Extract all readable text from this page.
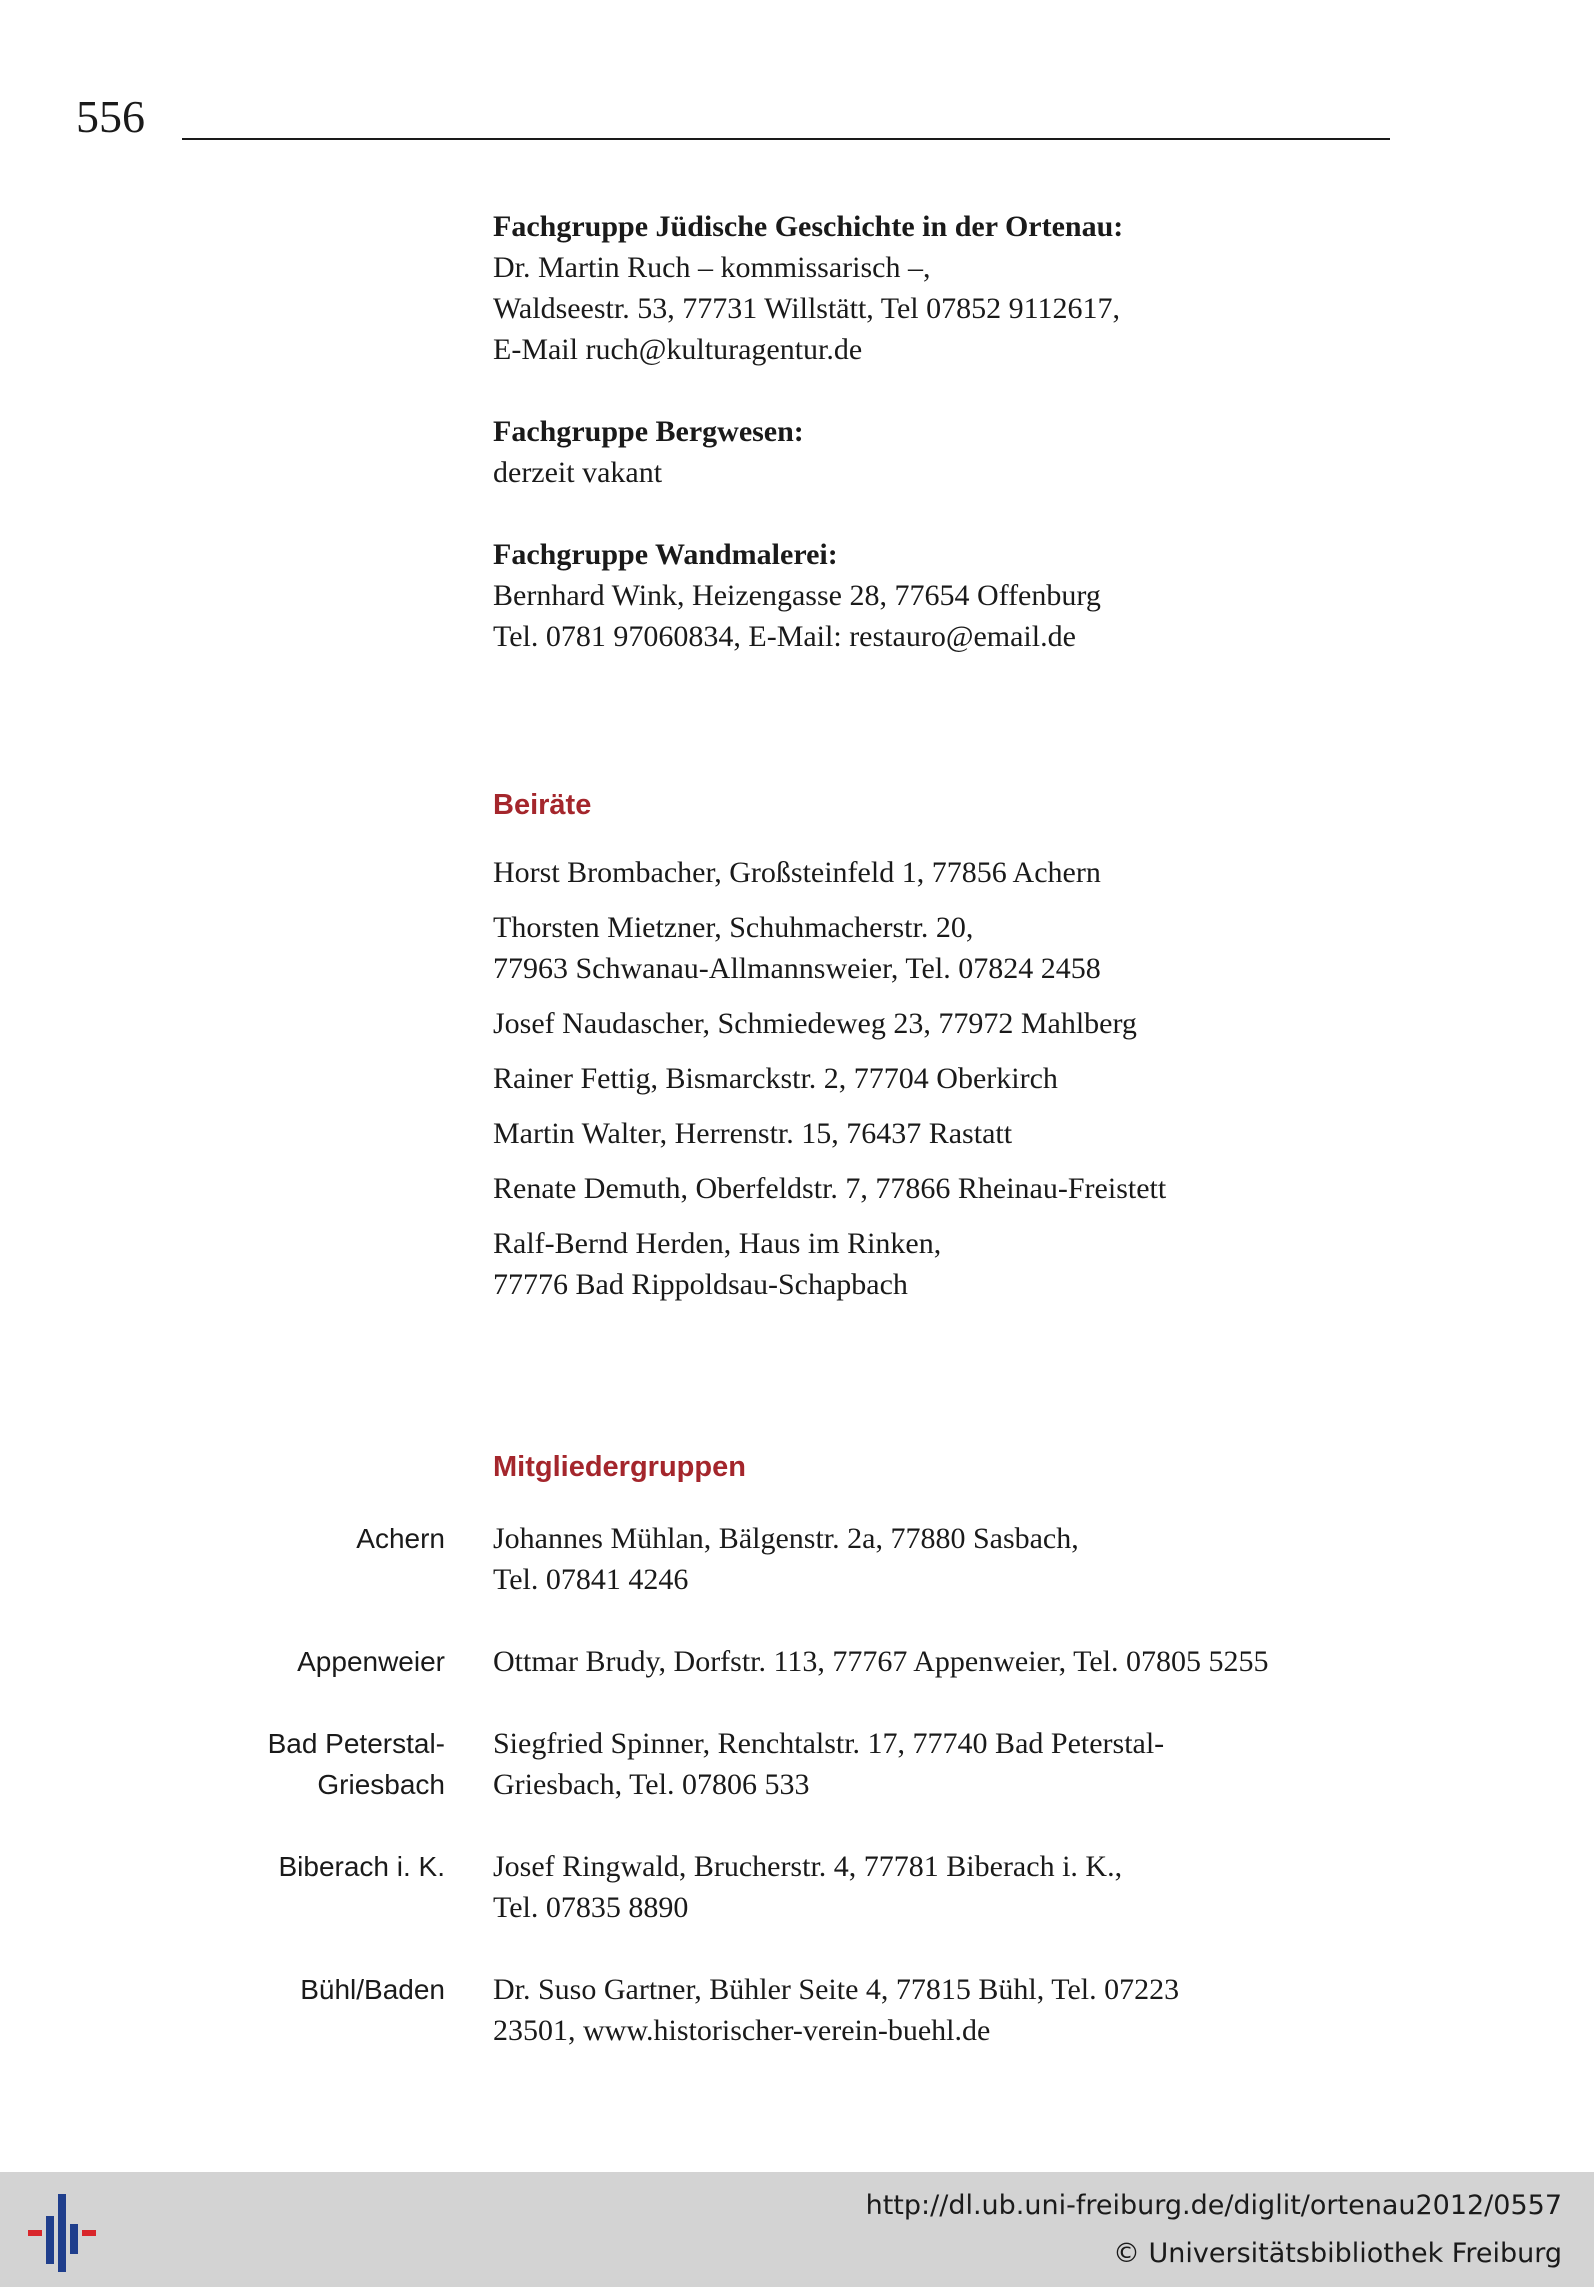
556
Fachgruppe Jüdische Geschichte in der Ortenau:
Dr. Martin Ruch – kommissarisch –,
Waldseestr. 53, 77731 Willstätt, Tel 07852 9112617,
E-Mail ruch@kulturagentur.de
Fachgruppe Bergwesen:
derzeit vakant
Fachgruppe Wandmalerei:
Bernhard Wink, Heizengasse 28, 77654 Offenburg
Tel. 0781 97060834, E-Mail: restauro@email.de
Beiräte
Horst Brombacher, Großsteinfeld 1, 77856 Achern
Thorsten Mietzner, Schuhmacherstr. 20,
77963 Schwanau-Allmannsweier, Tel. 07824 2458
Josef Naudascher, Schmiedeweg 23, 77972 Mahlberg
Rainer Fettig, Bismarckstr. 2, 77704 Oberkirch
Martin Walter, Herrenstr. 15, 76437 Rastatt
Renate Demuth, Oberfeldstr. 7, 77866 Rheinau-Freistett
Ralf-Bernd Herden, Haus im Rinken,
77776 Bad Rippoldsau-Schapbach
Mitgliedergruppen
Achern Johannes Mühlan, Bälgenstr. 2a, 77880 Sasbach,
Tel. 07841 4246
Appenweier Ottmar Brudy, Dorfstr. 113, 77767 Appenweier, Tel. 07805 5255
Bad Peterstal-
Griesbach
Siegfried Spinner, Renchtalstr. 17, 77740 Bad Peterstal-
Griesbach, Tel. 07806 533
Biberach i. K. Josef Ringwald, Brucherstr. 4, 77781 Biberach i. K.,
Tel. 07835 8890
Bühl/Baden Dr. Suso Gartner, Bühler Seite 4, 77815 Bühl, Tel. 07223
23501, www.historischer-verein-buehl.de
http://dl.ub.uni-freiburg.de/diglit/ortenau2012/0557
© Universitätsbibliothek Freiburg
